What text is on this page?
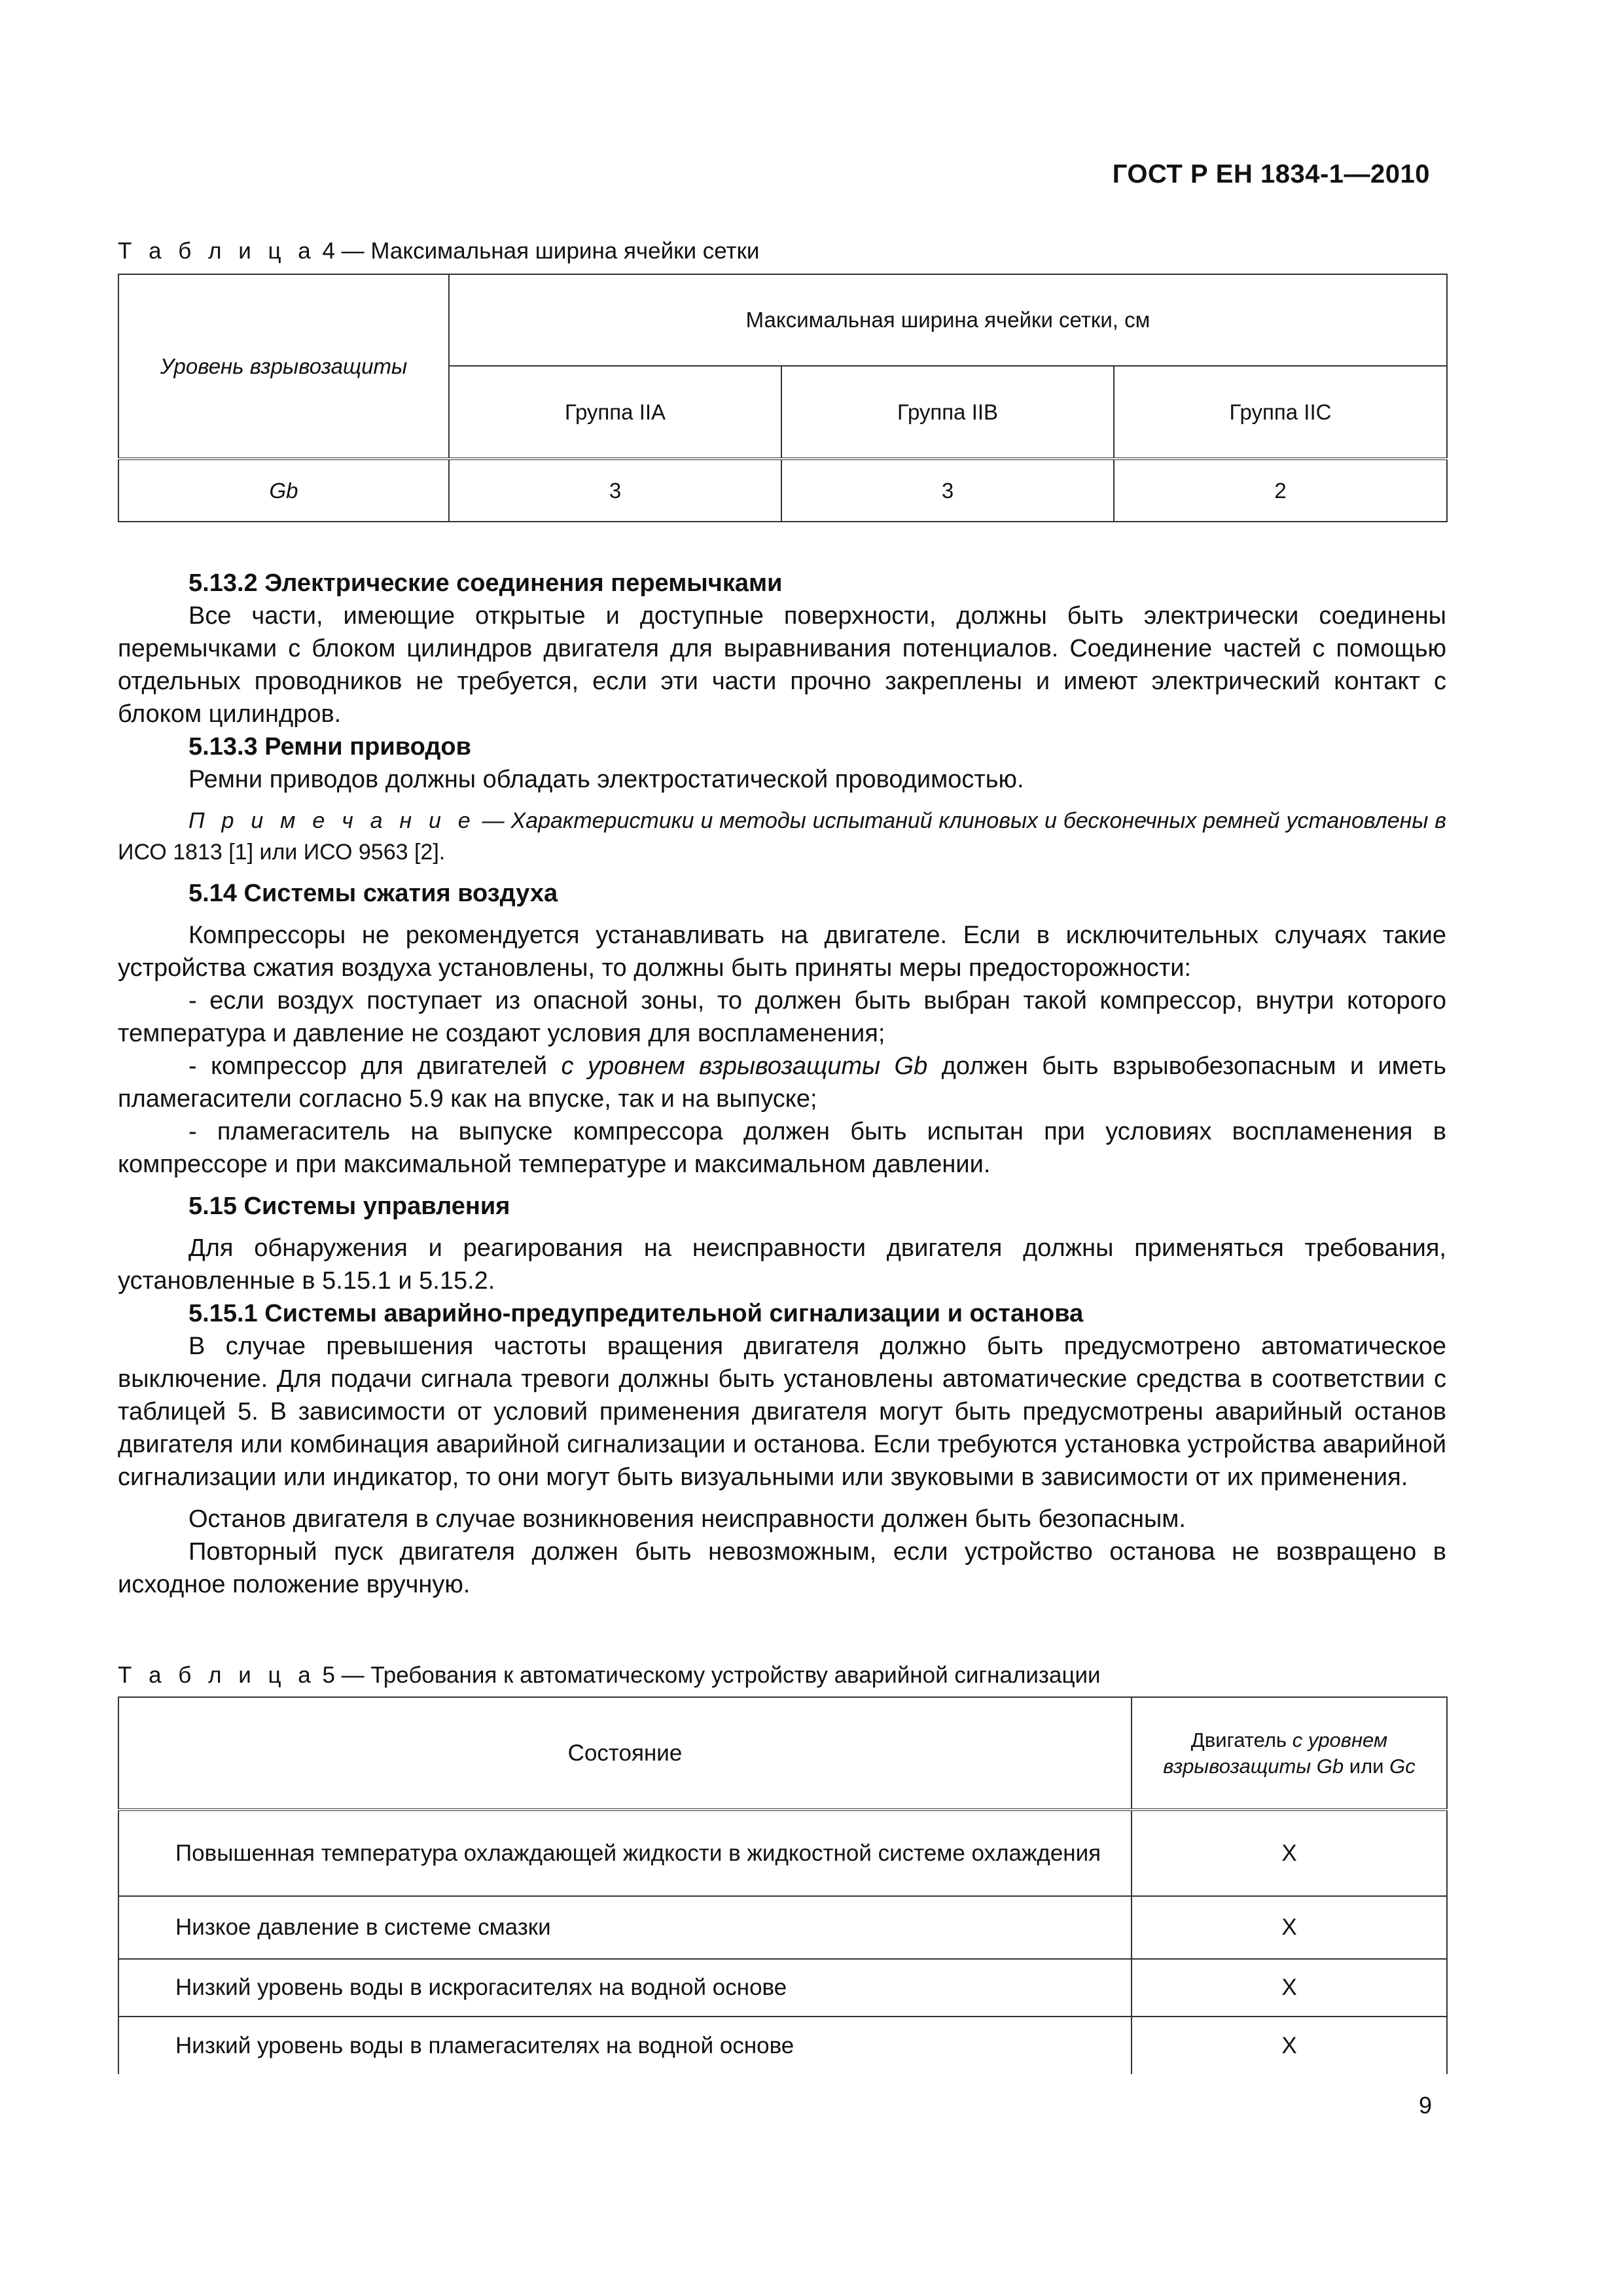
ГОСТ Р ЕН 1834-1—2010
Т а б л и ц а 4 — Максимальная ширина ячейки сетки
Уровень взрывозащиты	Максимальная ширина ячейки сетки, см		
	Группа IIA	Группа IIB	Группа IIC
Gb	3	3	2

5.13.2 Электрические соединения перемычками

Все части, имеющие открытые и доступные поверхности, должны быть электрически соединены перемычками с блоком цилиндров двигателя для выравнивания потенциалов. Соединение частей с помощью отдельных проводников не требуется, если эти части прочно закреплены и имеют электрический контакт с блоком цилиндров.

5.13.3 Ремни приводов

Ремни приводов должны обладать электростатической проводимостью.

П р и м е ч а н и е — Характеристики и методы испытаний клиновых и бесконечных ремней установлены в ИСО 1813 [1] или ИСО 9563 [2].

5.14 Системы сжатия воздуха

Компрессоры не рекомендуется устанавливать на двигателе. Если в исключительных случаях такие устройства сжатия воздуха установлены, то должны быть приняты меры предосторожности:

- если воздух поступает из опасной зоны, то должен быть выбран такой компрессор, внутри которого температура и давление не создают условия для воспламенения;

- компрессор для двигателей с уровнем взрывозащиты Gb должен быть взрывобезопасным и иметь пламегасители согласно 5.9 как на впуске, так и на выпуске;

- пламегаситель на выпуске компрессора должен быть испытан при условиях воспламенения в компрессоре и при максимальной температуре и максимальном давлении.

5.15 Системы управления

Для обнаружения и реагирования на неисправности двигателя должны применяться требования, установленные в 5.15.1 и 5.15.2.

5.15.1 Системы аварийно-предупредительной сигнализации и останова

В случае превышения частоты вращения двигателя должно быть предусмотрено автоматическое выключение. Для подачи сигнала тревоги должны быть установлены автоматические средства в соответствии с таблицей 5. В зависимости от условий применения двигателя могут быть предусмотрены аварийный останов двигателя или комбинация аварийной сигнализации и останова. Если требуются установка устройства аварийной сигнализации или индикатор, то они могут быть визуальными или звуковыми в зависимости от их применения.

Останов двигателя в случае возникновения неисправности должен быть безопасным.

Повторный пуск двигателя должен быть невозможным, если устройство останова не возвращено в исходное положение вручную.

Т а б л и ц а 5 — Требования к автоматическому устройству аварийной сигнализации
Состояние	Двигатель с уровнем взрывозащиты Gb или Gc
Повышенная температура охлаждающей жидкости в жидкостной системе охлаждения	X
Низкое давление в системе смазки	X
Низкий уровень воды в искрогасителях на водной основе	X
Низкий уровень воды в пламегасителях на водной основе	X
9
